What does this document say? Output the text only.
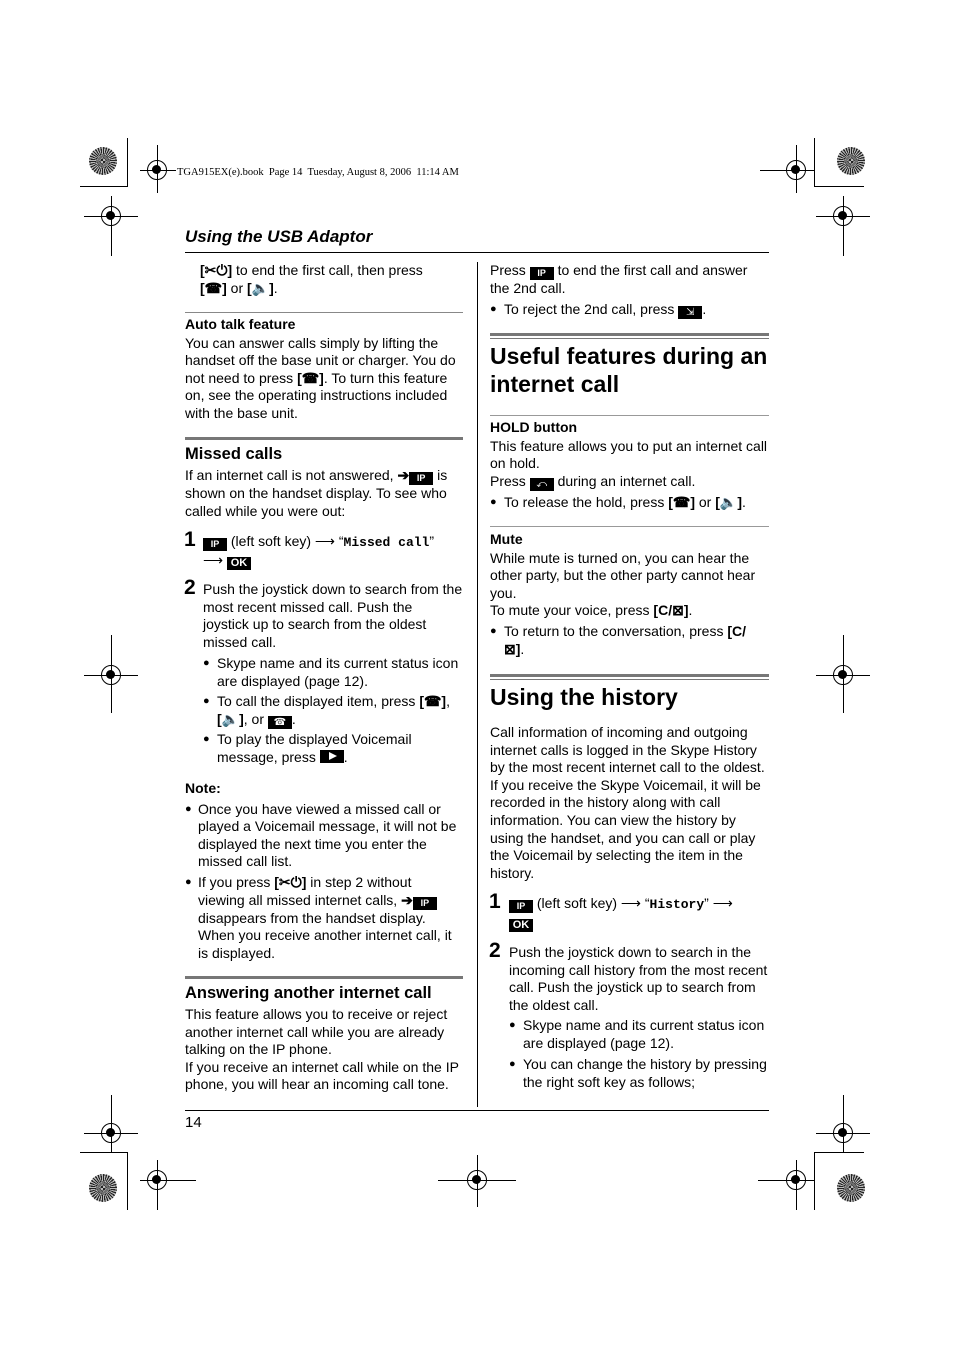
TGA915EX(e).book  Page 14  Tuesday, August 8, 2006  11:14 AM
Using the USB Adaptor
[✂⏻] to end the first call, then press
[☎] or [🔈].
Auto talk feature
You can answer calls simply by lifting the
handset off the base unit or charger. You do
not need to press [☎]. To turn this feature
on, see the operating instructions included
with the base unit.
Missed calls
If an internet call is not answered, ➔ IP is
shown on the handset display. To see who
called while you were out:
1	IP (left soft key) ⟶ “Missed call”
⟶ OK
2 Push the joystick down to search from the
most recent missed call. Push the
joystick up to search from the oldest
missed call.
● Skype name and its current status icon
are displayed (page 12).
● To call the displayed item, press [☎],
[🔈], or ☎ .
● To play the displayed Voicemail
message, press .
Note:
● Once you have viewed a missed call or
played a Voicemail message, it will not be
displayed the next time you enter the
missed call list.
● If you press [✂⏻] in step 2 without
viewing all missed internet calls, ➔ IP
disappears from the handset display.
When you receive another internet call, it
is displayed.
Answering another internet call
This feature allows you to receive or reject
another internet call while you are already
talking on the IP phone.
If you receive an internet call while on the IP
phone, you will hear an incoming call tone.
Press IP to end the first call and answer
the 2nd call.
● To reject the 2nd call, press ⇲ .
Useful features during an
internet call
HOLD button
This feature allows you to put an internet call
on hold.
Press ⤺ during an internet call.
● To release the hold, press [☎] or [🔈].
Mute
While mute is turned on, you can hear the
other party, but the other party cannot hear
you.
To mute your voice, press [C/⊠].
● To return to the conversation, press [C/
⊠].
Using the history
Call information of incoming and outgoing
internet calls is logged in the Skype History
by the most recent internet call to the oldest.
If you receive the Skype Voicemail, it will be
recorded in the history along with call
information. You can view the history by
using the handset, and you can call or play
the Voicemail by selecting the item in the
history.
1	IP (left soft key) ⟶ “History” ⟶
OK
2 Push the joystick down to search in the
incoming call history from the most recent
call. Push the joystick up to search from
the oldest call.
● Skype name and its current status icon
are displayed (page 12).
● You can change the history by pressing
the right soft key as follows;
14
